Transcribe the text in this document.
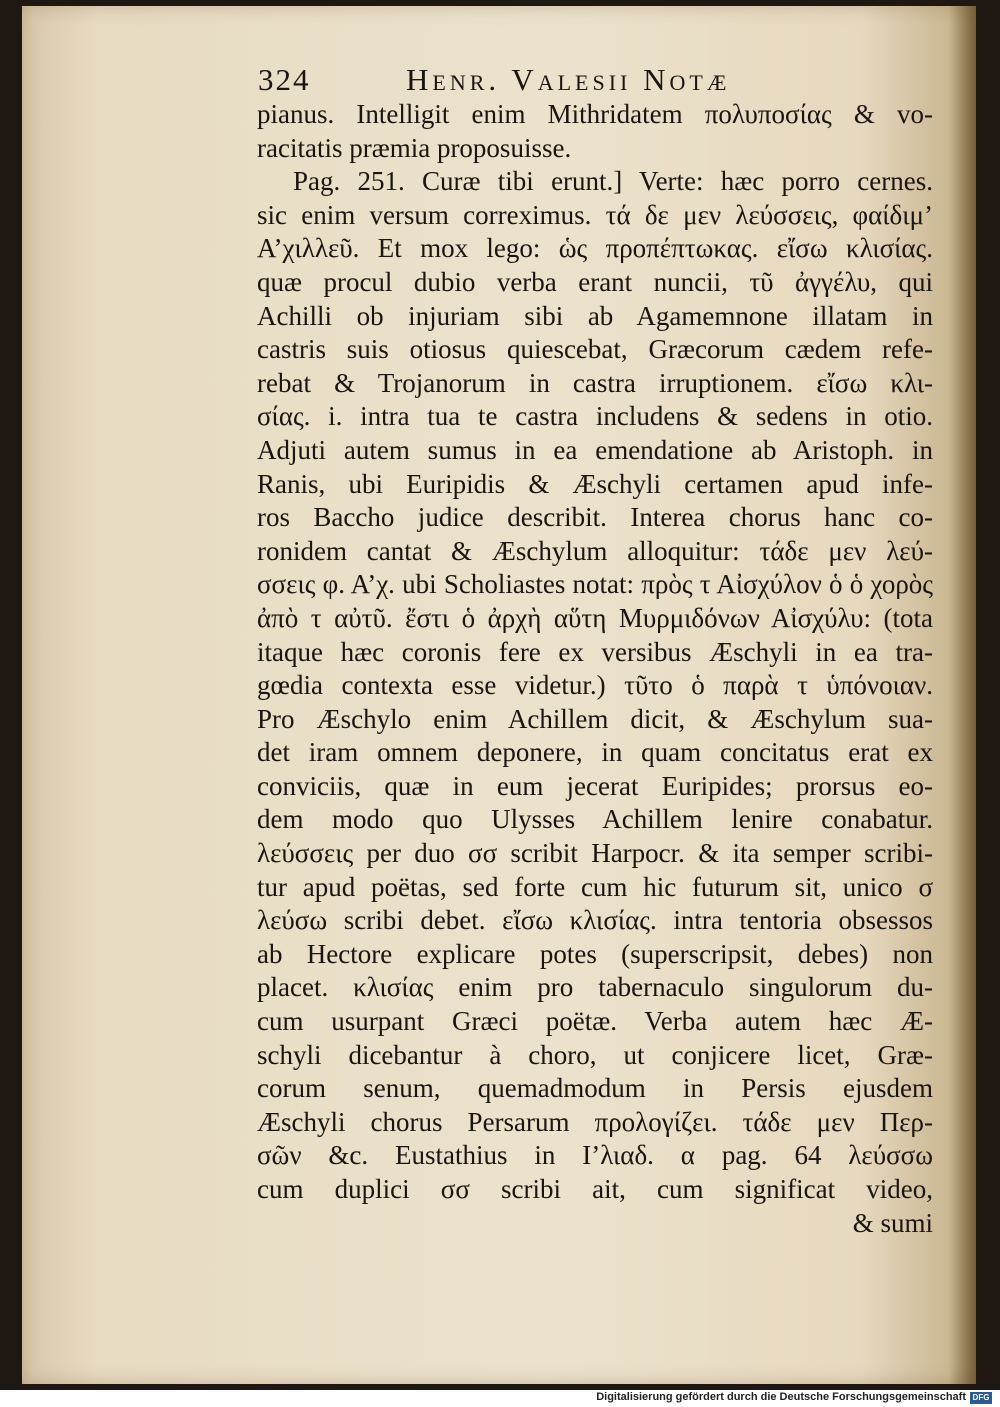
324	Henr. Valesii Notæ
pianus. Intelligit enim Mithridatem πολυποσίας & vo-
racitatis præmia proposuisse.
Pag. 251. Curæ tibi erunt.] Verte: hæc porro cernes.
sic enim versum correximus. τά δε μεν λεύσσεις, φαίδιμ’
Α’χιλλεῦ. Et mox lego: ὡς προπέπτωκας. εἴσω κλισίας.
quæ procul dubio verba erant nuncii, τῦ ἀγγέλυ, qui
Achilli ob injuriam sibi ab Agamemnone illatam in
castris suis otiosus quiescebat, Græcorum cædem refe-
rebat & Trojanorum in castra irruptionem. εἴσω κλι-
σίας. i. intra tua te castra includens & sedens in otio.
Adjuti autem sumus in ea emendatione ab Aristoph. in
Ranis, ubi Euripidis & Æschyli certamen apud infe-
ros Baccho judice describit. Interea chorus hanc co-
ronidem cantat & Æschylum alloquitur: τάδε μεν λεύ-
σσεις φ. Α’χ. ubi Scholiastes notat: πρὸς τ Αἰσχύλον ὁ ὁ χορὸς
ἀπὸ τ αὐτῦ. ἔστι ὁ ἀρχὴ αὕτη Μυρμιδόνων Αἰσχύλυ: (tota
itaque hæc coronis fere ex versibus Æschyli in ea tra-
gœdia contexta esse videtur.) τῦτο ὁ παρὰ τ ὑπόνοιαν.
Pro Æschylo enim Achillem dicit, & Æschylum sua-
det iram omnem deponere, in quam concitatus erat ex
conviciis, quæ in eum jecerat Euripides; prorsus eo-
dem modo quo Ulysses Achillem lenire conabatur.
λεύσσεις per duo σσ scribit Harpocr. & ita semper scribi-
tur apud poëtas, sed forte cum hic futurum sit, unico σ
λεύσω scribi debet. εἴσω κλισίας. intra tentoria obsessos
ab Hectore explicare potes (superscripsit, debes) non
placet. κλισίας enim pro tabernaculo singulorum du-
cum usurpant Græci poëtæ. Verba autem hæc Æ-
schyli dicebantur à choro, ut conjicere licet, Græ-
corum senum, quemadmodum in Persis ejusdem
Æschyli chorus Persarum προλογίζει. τάδε μεν Περ-
σῶν &c. Eustathius in Ι’λιαδ. α pag. 64 λεύσσω
cum duplici σσ scribi ait, cum significat video,
& sumi
Digitalisierung gefördert durch die Deutsche Forschungsgemeinschaft DFG
